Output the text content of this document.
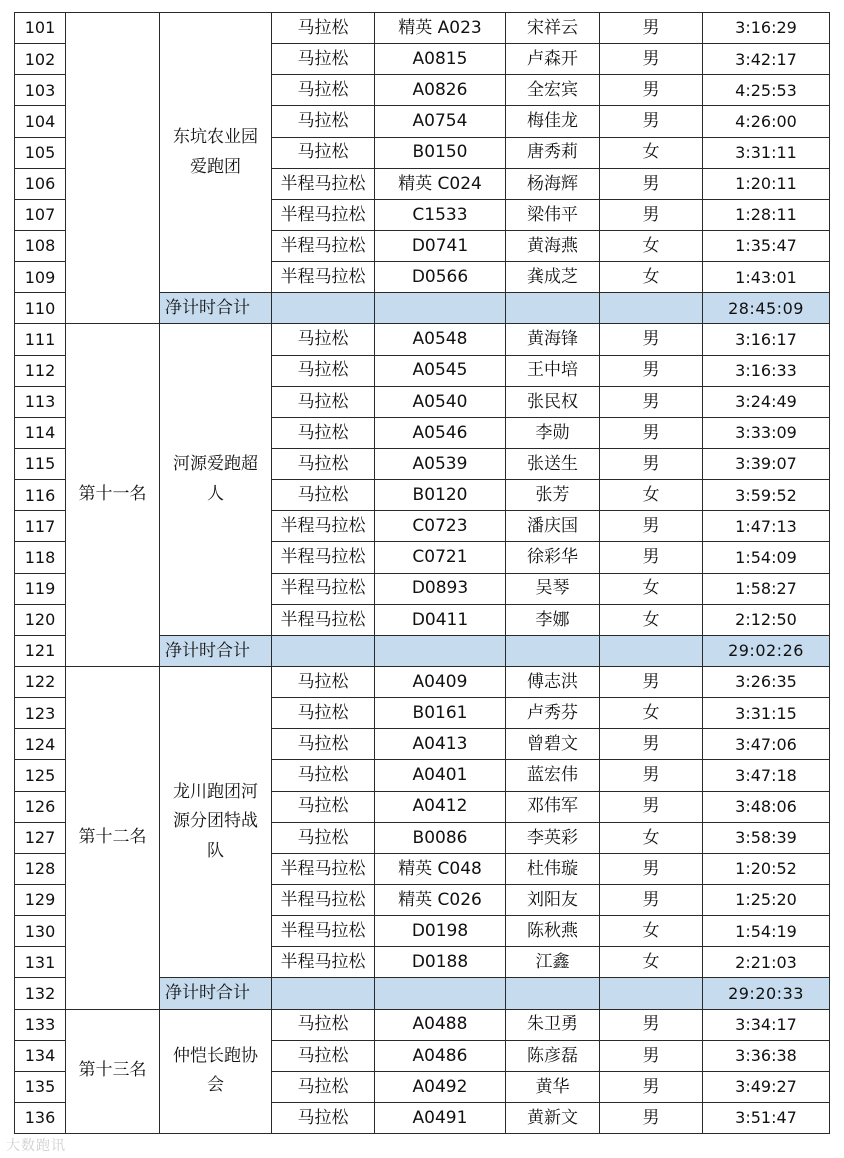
101		东坑农业园爱跑团	马拉松	精英 A023	宋祥云	男	3:16:29
102			马拉松	A0815	卢森开	男	3:42:17
103			马拉松	A0826	全宏宾	男	4:25:53
104			马拉松	A0754	梅佳龙	男	4:26:00
105			马拉松	B0150	唐秀莉	女	3:31:11
106			半程马拉松	精英 C024	杨海辉	男	1:20:11
107			半程马拉松	C1533	梁伟平	男	1:28:11
108			半程马拉松	D0741	黄海燕	女	1:35:47
109			半程马拉松	D0566	龚成芝	女	1:43:01
110		净计时合计					28:45:09
111	第十一名	河源爱跑超人	马拉松	A0548	黄海锋	男	3:16:17
112			马拉松	A0545	王中培	男	3:16:33
113			马拉松	A0540	张民权	男	3:24:49
114			马拉松	A0546	李勋	男	3:33:09
115			马拉松	A0539	张送生	男	3:39:07
116			马拉松	B0120	张芳	女	3:59:52
117			半程马拉松	C0723	潘庆国	男	1:47:13
118			半程马拉松	C0721	徐彩华	男	1:54:09
119			半程马拉松	D0893	吴琴	女	1:58:27
120			半程马拉松	D0411	李娜	女	2:12:50
121		净计时合计					29:02:26
122	第十二名	龙川跑团河源分团特战队	马拉松	A0409	傅志洪	男	3:26:35
123			马拉松	B0161	卢秀芬	女	3:31:15
124			马拉松	A0413	曾碧文	男	3:47:06
125			马拉松	A0401	蓝宏伟	男	3:47:18
126			马拉松	A0412	邓伟军	男	3:48:06
127			马拉松	B0086	李英彩	女	3:58:39
128			半程马拉松	精英 C048	杜伟璇	男	1:20:52
129			半程马拉松	精英 C026	刘阳友	男	1:25:20
130			半程马拉松	D0198	陈秋燕	女	1:54:19
131			半程马拉松	D0188	江鑫	女	2:21:03
132		净计时合计					29:20:33
133	第十三名	仲恺长跑协会	马拉松	A0488	朱卫勇	男	3:34:17
134			马拉松	A0486	陈彦磊	男	3:36:38
135			马拉松	A0492	黄华	男	3:49:27
136			马拉松	A0491	黄新文	男	3:51:47
大数跑讯
